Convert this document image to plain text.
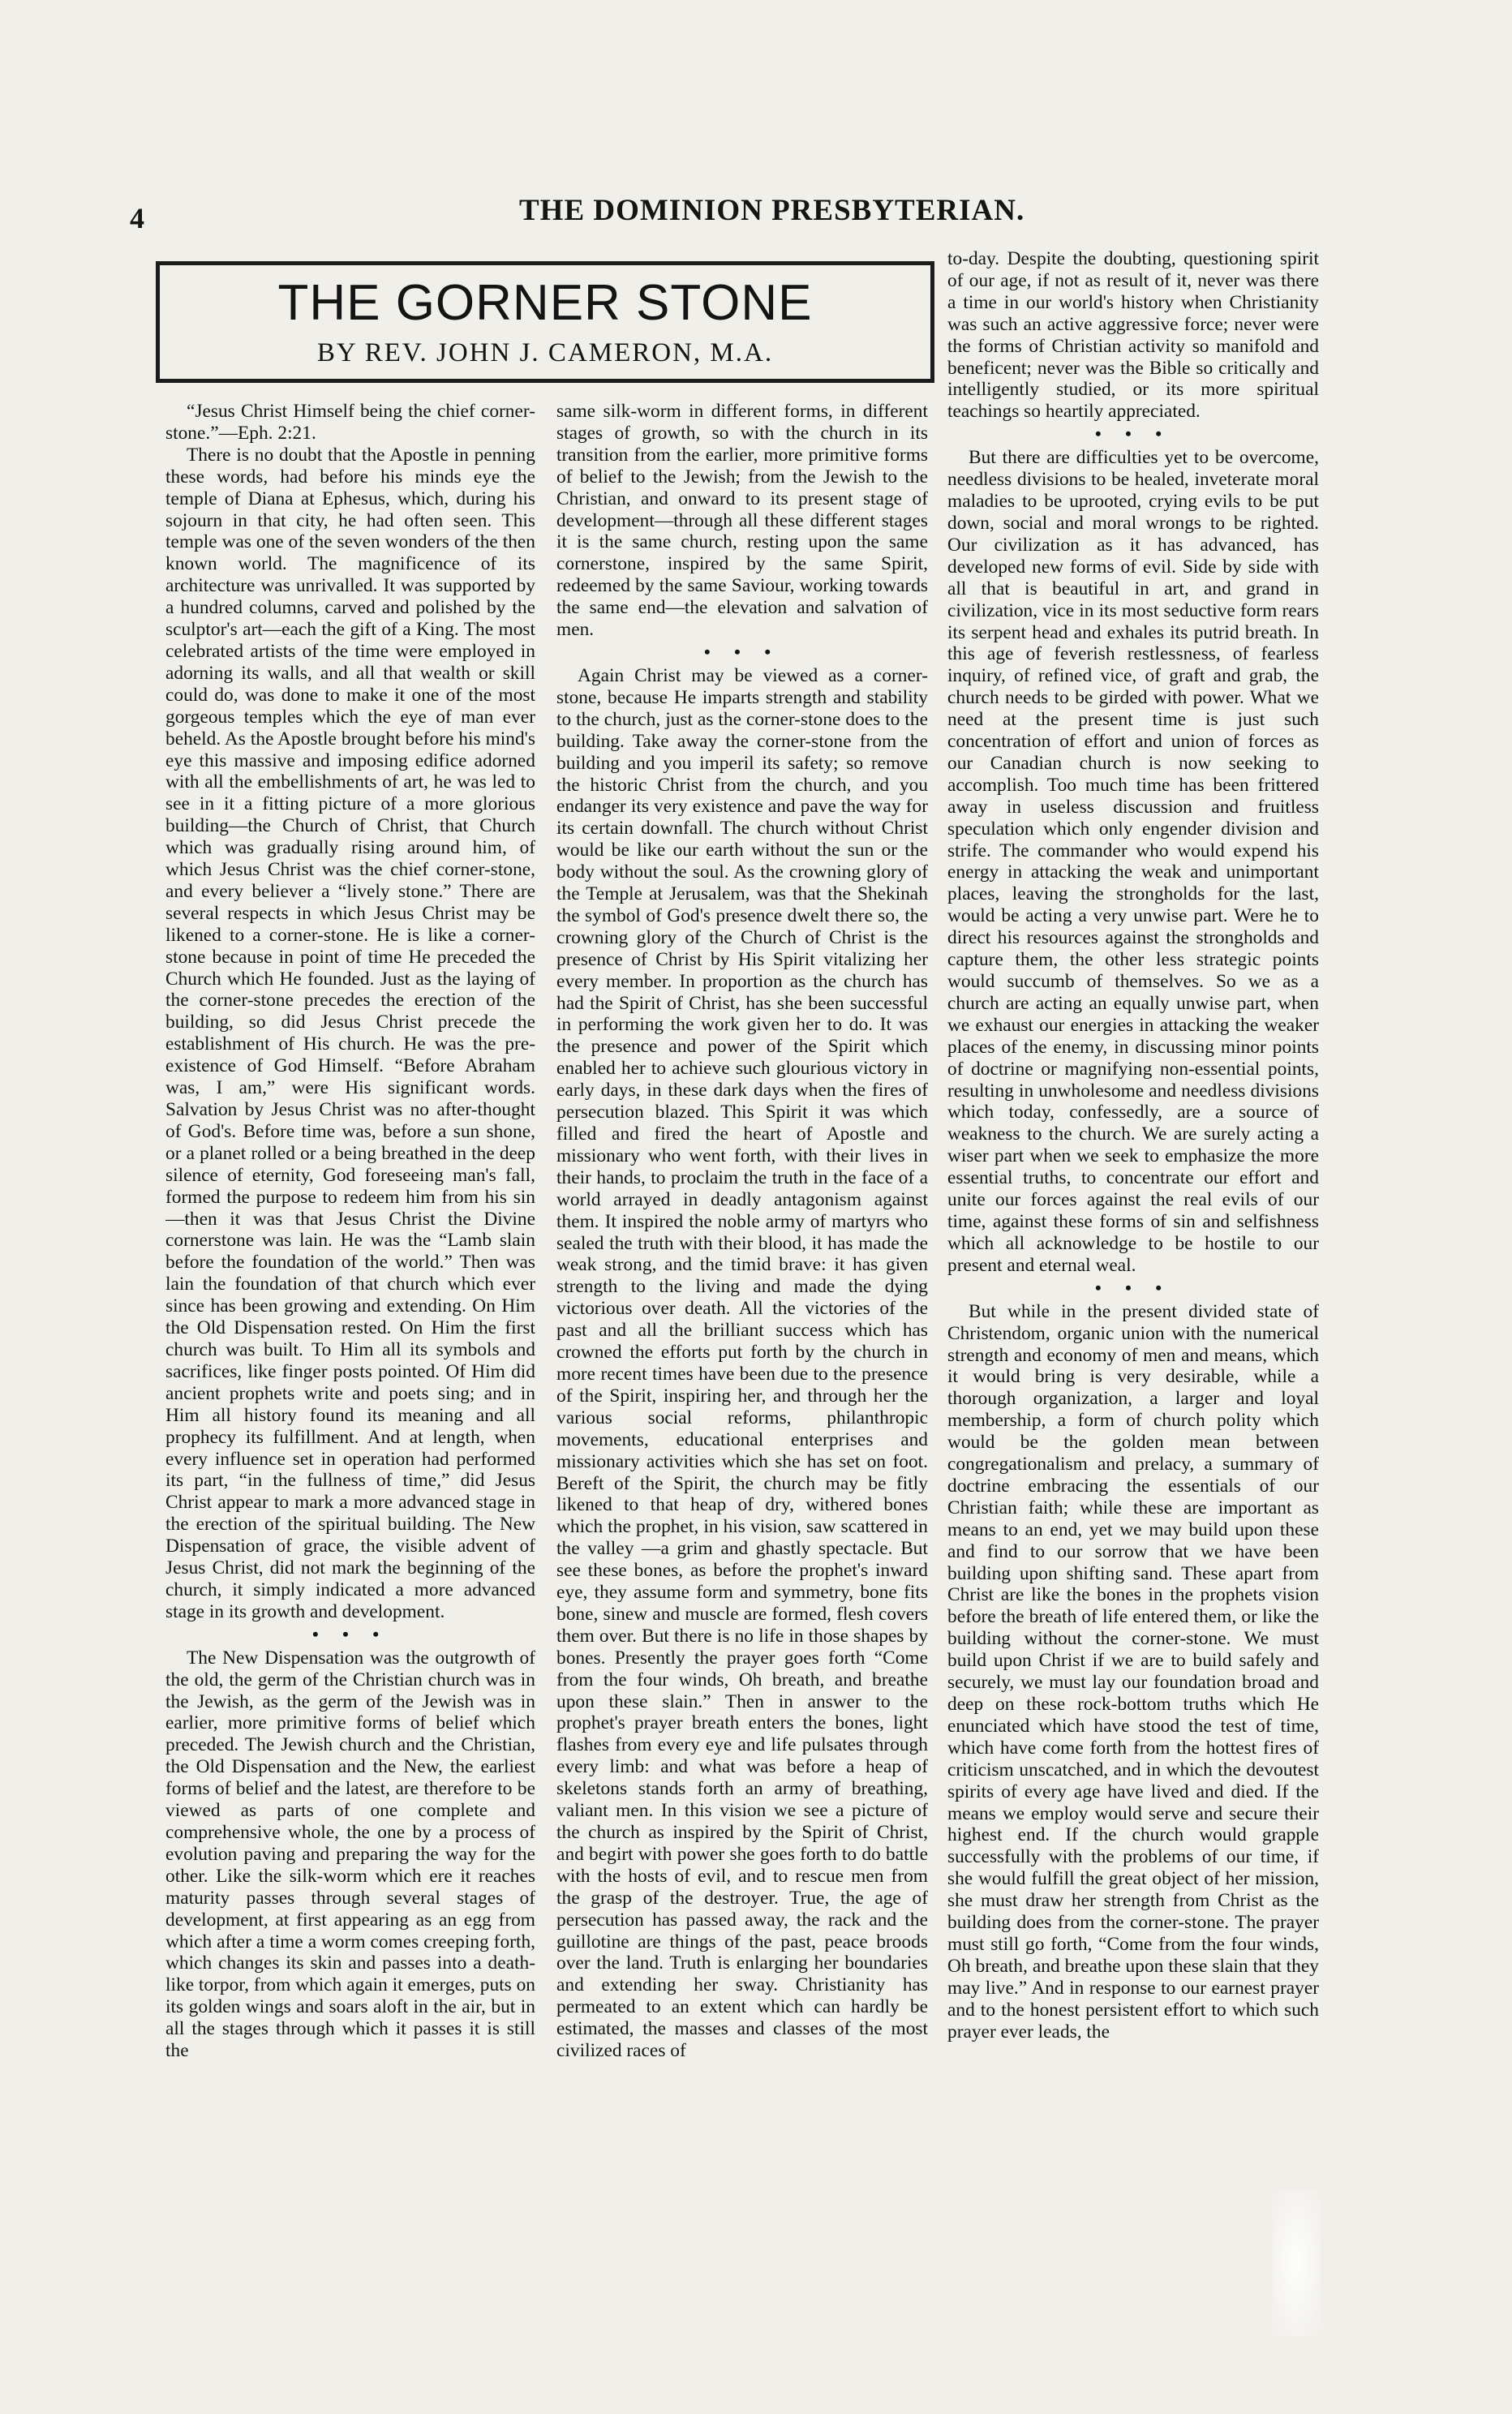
4	THE DOMINION PRESBYTERIAN.
THE GORNER STONE
BY REV. JOHN J. CAMERON, M.A.

“Jesus Christ Himself being the chief corner-stone.”—Eph. 2:21.

There is no doubt that the Apostle in penning these words, had before his minds eye the temple of Diana at Ephesus, which, during his sojourn in that city, he had often seen. This temple was one of the seven wonders of the then known world. The magnificence of its architecture was unrivalled. It was supported by a hundred columns, carved and polished by the sculptor's art—each the gift of a King. The most celebrated artists of the time were employed in adorning its walls, and all that wealth or skill could do, was done to make it one of the most gorgeous temples which the eye of man ever beheld. As the Apostle brought before his mind's eye this massive and imposing edifice adorned with all the embellishments of art, he was led to see in it a fitting picture of a more glorious building—the Church of Christ, that Church which was gradually rising around him, of which Jesus Christ was the chief corner-stone, and every believer a “lively stone.” There are several respects in which Jesus Christ may be likened to a corner-stone. He is like a corner-stone because in point of time He preceded the Church which He founded. Just as the laying of the corner-stone precedes the erection of the building, so did Jesus Christ precede the establishment of His church. He was the pre-existence of God Himself. “Before Abraham was, I am,” were His significant words. Salvation by Jesus Christ was no after-thought of God's. Before time was, before a sun shone, or a planet rolled or a being breathed in the deep silence of eternity, God foreseeing man's fall, formed the purpose to redeem him from his sin—then it was that Jesus Christ the Divine cornerstone was lain. He was the “Lamb slain before the foundation of the world.” Then was lain the foundation of that church which ever since has been growing and extending. On Him the Old Dispensation rested. On Him the first church was built. To Him all its symbols and sacrifices, like finger posts pointed. Of Him did ancient prophets write and poets sing; and in Him all history found its meaning and all prophecy its fulfillment. And at length, when every influence set in operation had performed its part, “in the fullness of time,” did Jesus Christ appear to mark a more advanced stage in the erection of the spiritual building. The New Dispensation of grace, the visible advent of Jesus Christ, did not mark the beginning of the church, it simply indicated a more advanced stage in its growth and development.

• • •

The New Dispensation was the outgrowth of the old, the germ of the Christian church was in the Jewish, as the germ of the Jewish was in earlier, more primitive forms of belief which preceded. The Jewish church and the Christian, the Old Dispensation and the New, the earliest forms of belief and the latest, are therefore to be viewed as parts of one complete and comprehensive whole, the one by a process of evolution paving and preparing the way for the other. Like the silk-worm which ere it reaches maturity passes through several stages of development, at first appearing as an egg from which after a time a worm comes creeping forth, which changes its skin and passes into a death-like torpor, from which again it emerges, puts on its golden wings and soars aloft in the air, but in all the stages through which it passes it is still the

same silk-worm in different forms, in different stages of growth, so with the church in its transition from the earlier, more primitive forms of belief to the Jewish; from the Jewish to the Christian, and onward to its present stage of development—through all these different stages it is the same church, resting upon the same cornerstone, inspired by the same Spirit, redeemed by the same Saviour, working towards the same end—the elevation and salvation of men.

• • •

Again Christ may be viewed as a corner-stone, because He imparts strength and stability to the church, just as the corner-stone does to the building. Take away the corner-stone from the building and you imperil its safety; so remove the historic Christ from the church, and you endanger its very existence and pave the way for its certain downfall. The church without Christ would be like our earth without the sun or the body without the soul. As the crowning glory of the Temple at Jerusalem, was that the Shekinah the symbol of God's presence dwelt there so, the crowning glory of the Church of Christ is the presence of Christ by His Spirit vitalizing her every member. In proportion as the church has had the Spirit of Christ, has she been successful in performing the work given her to do. It was the presence and power of the Spirit which enabled her to achieve such glourious victory in early days, in these dark days when the fires of persecution blazed. This Spirit it was which filled and fired the heart of Apostle and missionary who went forth, with their lives in their hands, to proclaim the truth in the face of a world arrayed in deadly antagonism against them. It inspired the noble army of martyrs who sealed the truth with their blood, it has made the weak strong, and the timid brave: it has given strength to the living and made the dying victorious over death. All the victories of the past and all the brilliant success which has crowned the efforts put forth by the church in more recent times have been due to the presence of the Spirit, inspiring her, and through her the various social reforms, philanthropic movements, educational enterprises and missionary activities which she has set on foot. Bereft of the Spirit, the church may be fitly likened to that heap of dry, withered bones which the prophet, in his vision, saw scattered in the valley —a grim and ghastly spectacle. But see these bones, as before the prophet's inward eye, they assume form and symmetry, bone fits bone, sinew and muscle are formed, flesh covers them over. But there is no life in those shapes by bones. Presently the prayer goes forth “Come from the four winds, Oh breath, and breathe upon these slain.” Then in answer to the prophet's prayer breath enters the bones, light flashes from every eye and life pulsates through every limb: and what was before a heap of skeletons stands forth an army of breathing, valiant men. In this vision we see a picture of the church as inspired by the Spirit of Christ, and begirt with power she goes forth to do battle with the hosts of evil, and to rescue men from the grasp of the destroyer. True, the age of persecution has passed away, the rack and the guillotine are things of the past, peace broods over the land. Truth is enlarging her boundaries and extending her sway. Christianity has permeated to an extent which can hardly be estimated, the masses and classes of the most civilized races of

to-day. Despite the doubting, questioning spirit of our age, if not as result of it, never was there a time in our world's history when Christianity was such an active aggressive force; never were the forms of Christian activity so manifold and beneficent; never was the Bible so critically and intelligently studied, or its more spiritual teachings so heartily appreciated.

• • •

But there are difficulties yet to be overcome, needless divisions to be healed, inveterate moral maladies to be uprooted, crying evils to be put down, social and moral wrongs to be righted. Our civilization as it has advanced, has developed new forms of evil. Side by side with all that is beautiful in art, and grand in civilization, vice in its most seductive form rears its serpent head and exhales its putrid breath. In this age of feverish restlessness, of fearless inquiry, of refined vice, of graft and grab, the church needs to be girded with power. What we need at the present time is just such concentration of effort and union of forces as our Canadian church is now seeking to accomplish. Too much time has been frittered away in useless discussion and fruitless speculation which only engender division and strife. The commander who would expend his energy in attacking the weak and unimportant places, leaving the strongholds for the last, would be acting a very unwise part. Were he to direct his resources against the strongholds and capture them, the other less strategic points would succumb of themselves. So we as a church are acting an equally unwise part, when we exhaust our energies in attacking the weaker places of the enemy, in discussing minor points of doctrine or magnifying non-essential points, resulting in unwholesome and needless divisions which today, confessedly, are a source of weakness to the church. We are surely acting a wiser part when we seek to emphasize the more essential truths, to concentrate our effort and unite our forces against the real evils of our time, against these forms of sin and selfishness which all acknowledge to be hostile to our present and eternal weal.

• • •

But while in the present divided state of Christendom, organic union with the numerical strength and economy of men and means, which it would bring is very desirable, while a thorough organization, a larger and loyal membership, a form of church polity which would be the golden mean between congregationalism and prelacy, a summary of doctrine embracing the essentials of our Christian faith; while these are important as means to an end, yet we may build upon these and find to our sorrow that we have been building upon shifting sand. These apart from Christ are like the bones in the prophets vision before the breath of life entered them, or like the building without the corner-stone. We must build upon Christ if we are to build safely and securely, we must lay our foundation broad and deep on these rock-bottom truths which He enunciated which have stood the test of time, which have come forth from the hottest fires of criticism unscatched, and in which the devoutest spirits of every age have lived and died. If the means we employ would serve and secure their highest end. If the church would grapple successfully with the problems of our time, if she would fulfill the great object of her mission, she must draw her strength from Christ as the building does from the corner-stone. The prayer must still go forth, “Come from the four winds, Oh breath, and breathe upon these slain that they may live.” And in response to our earnest prayer and to the honest persistent effort to which such prayer ever leads, the
